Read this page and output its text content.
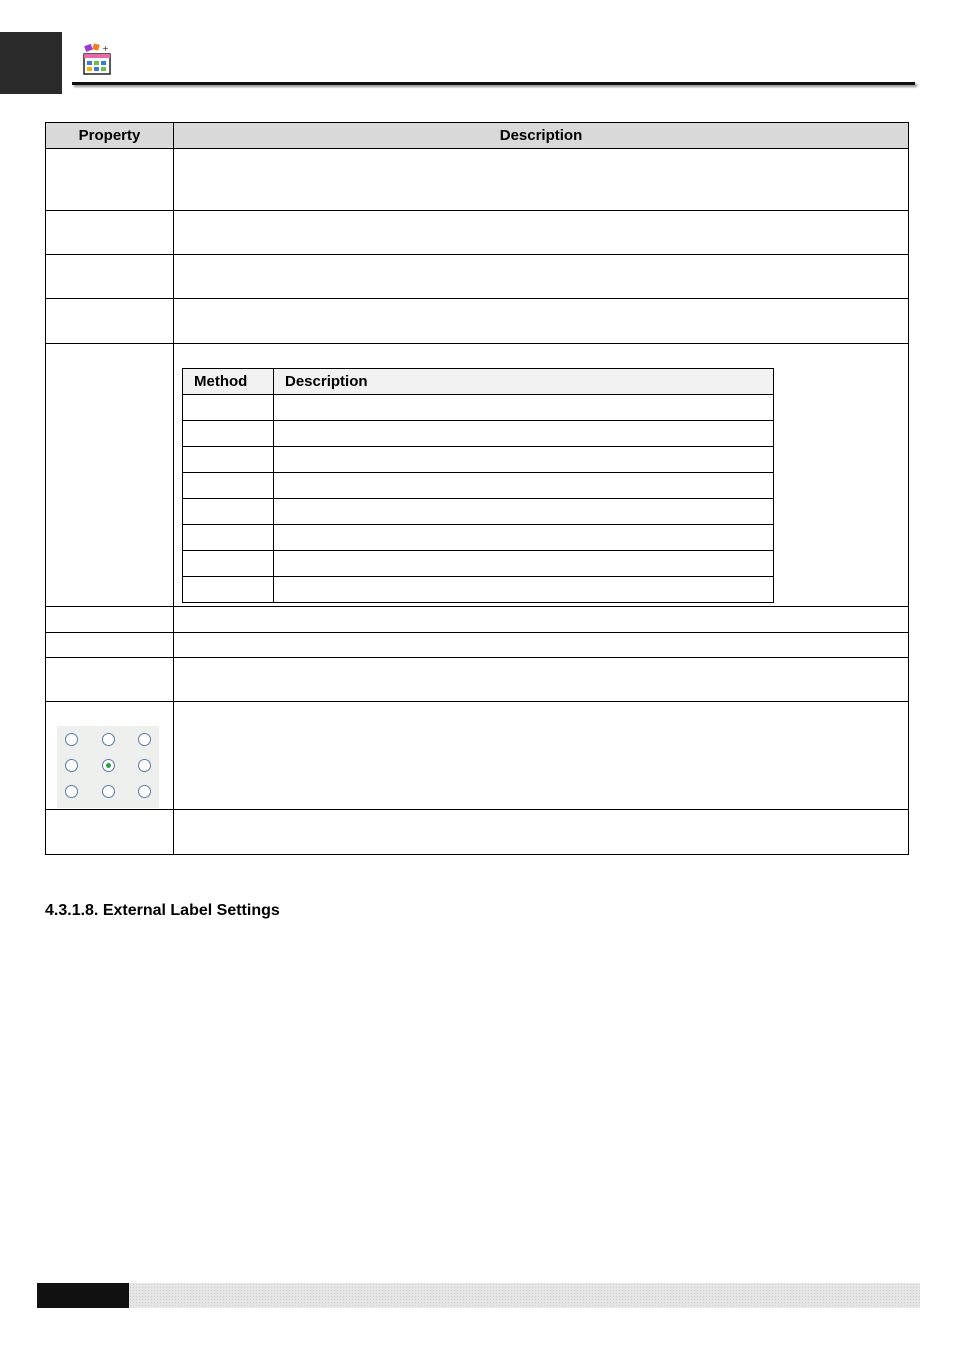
+
Property	Description

Method	Description

4.3.1.8. External Label Settings
